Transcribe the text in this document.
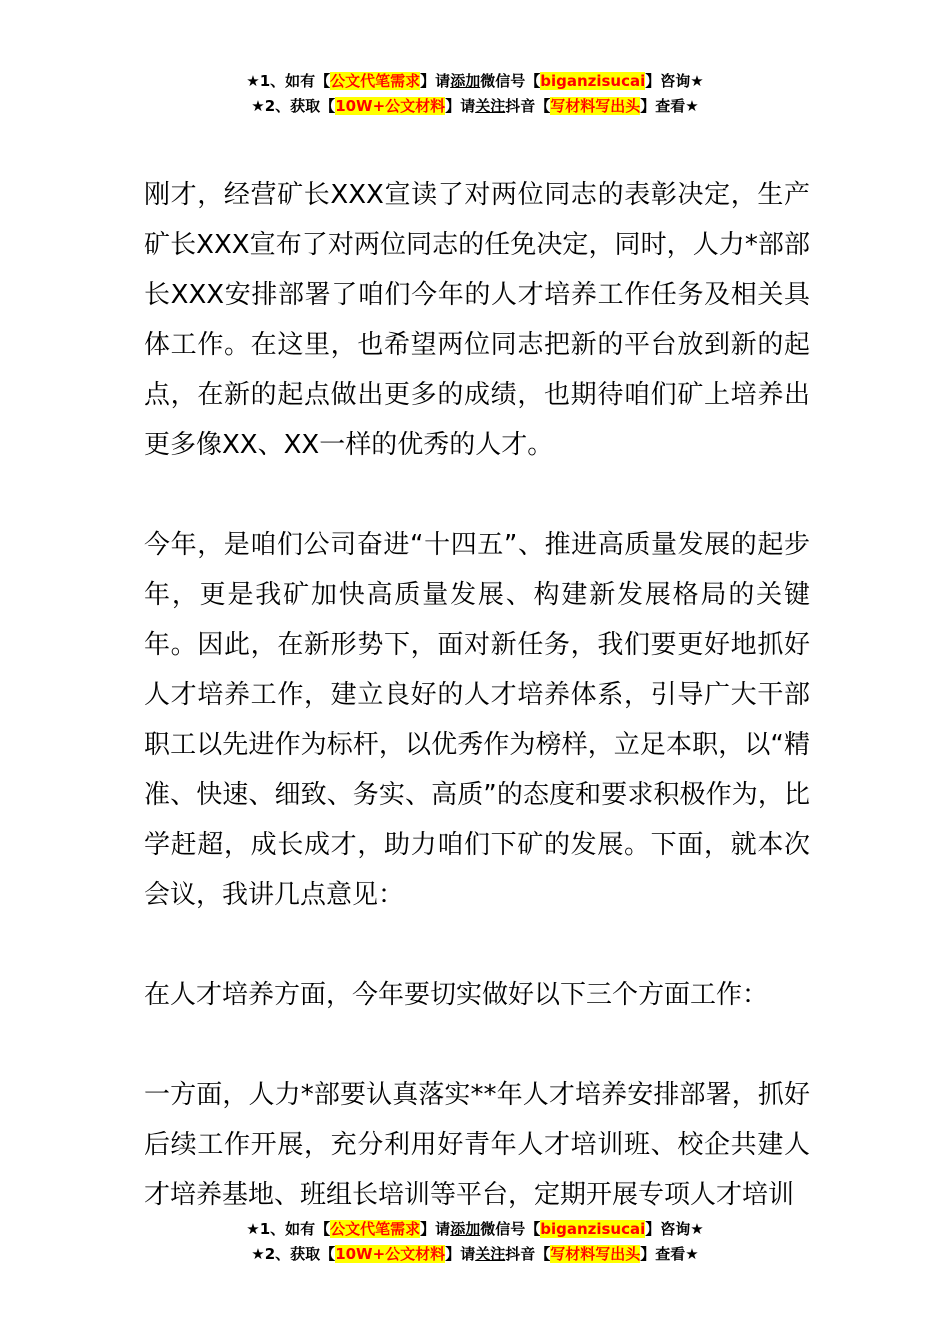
★1、如有【公文代笔需求】请添加微信号【biganzisucai】咨询★
★2、获取【10W+公文材料】请关注抖音【写材料写出头】查看★

刚才，经营矿长XXX宣读了对两位同志的表彰决定，生产矿长XXX宣布了对两位同志的任免决定，同时，人力*部部长XXX安排部署了咱们今年的人才培养工作任务及相关具体工作。在这里，也希望两位同志把新的平台放到新的起点，在新的起点做出更多的成绩，也期待咱们矿上培养出更多像XX、XX一样的优秀的人才。

今年，是咱们公司奋进“十四五”、推进高质量发展的起步年，更是我矿加快高质量发展、构建新发展格局的关键年。因此，在新形势下，面对新任务，我们要更好地抓好人才培养工作，建立良好的人才培养体系，引导广大干部职工以先进作为标杆，以优秀作为榜样，立足本职，以“精准、快速、细致、务实、高质”的态度和要求积极作为，比学赶超，成长成才，助力咱们下矿的发展。下面，就本次会议，我讲几点意见：

在人才培养方面，今年要切实做好以下三个方面工作：

一方面，人力*部要认真落实**年人才培养安排部署，抓好后续工作开展，充分利用好青年人才培训班、校企共建人才培养基地、班组长培训等平台，定期开展专项人才培训

★1、如有【公文代笔需求】请添加微信号【biganzisucai】咨询★
★2、获取【10W+公文材料】请关注抖音【写材料写出头】查看★
